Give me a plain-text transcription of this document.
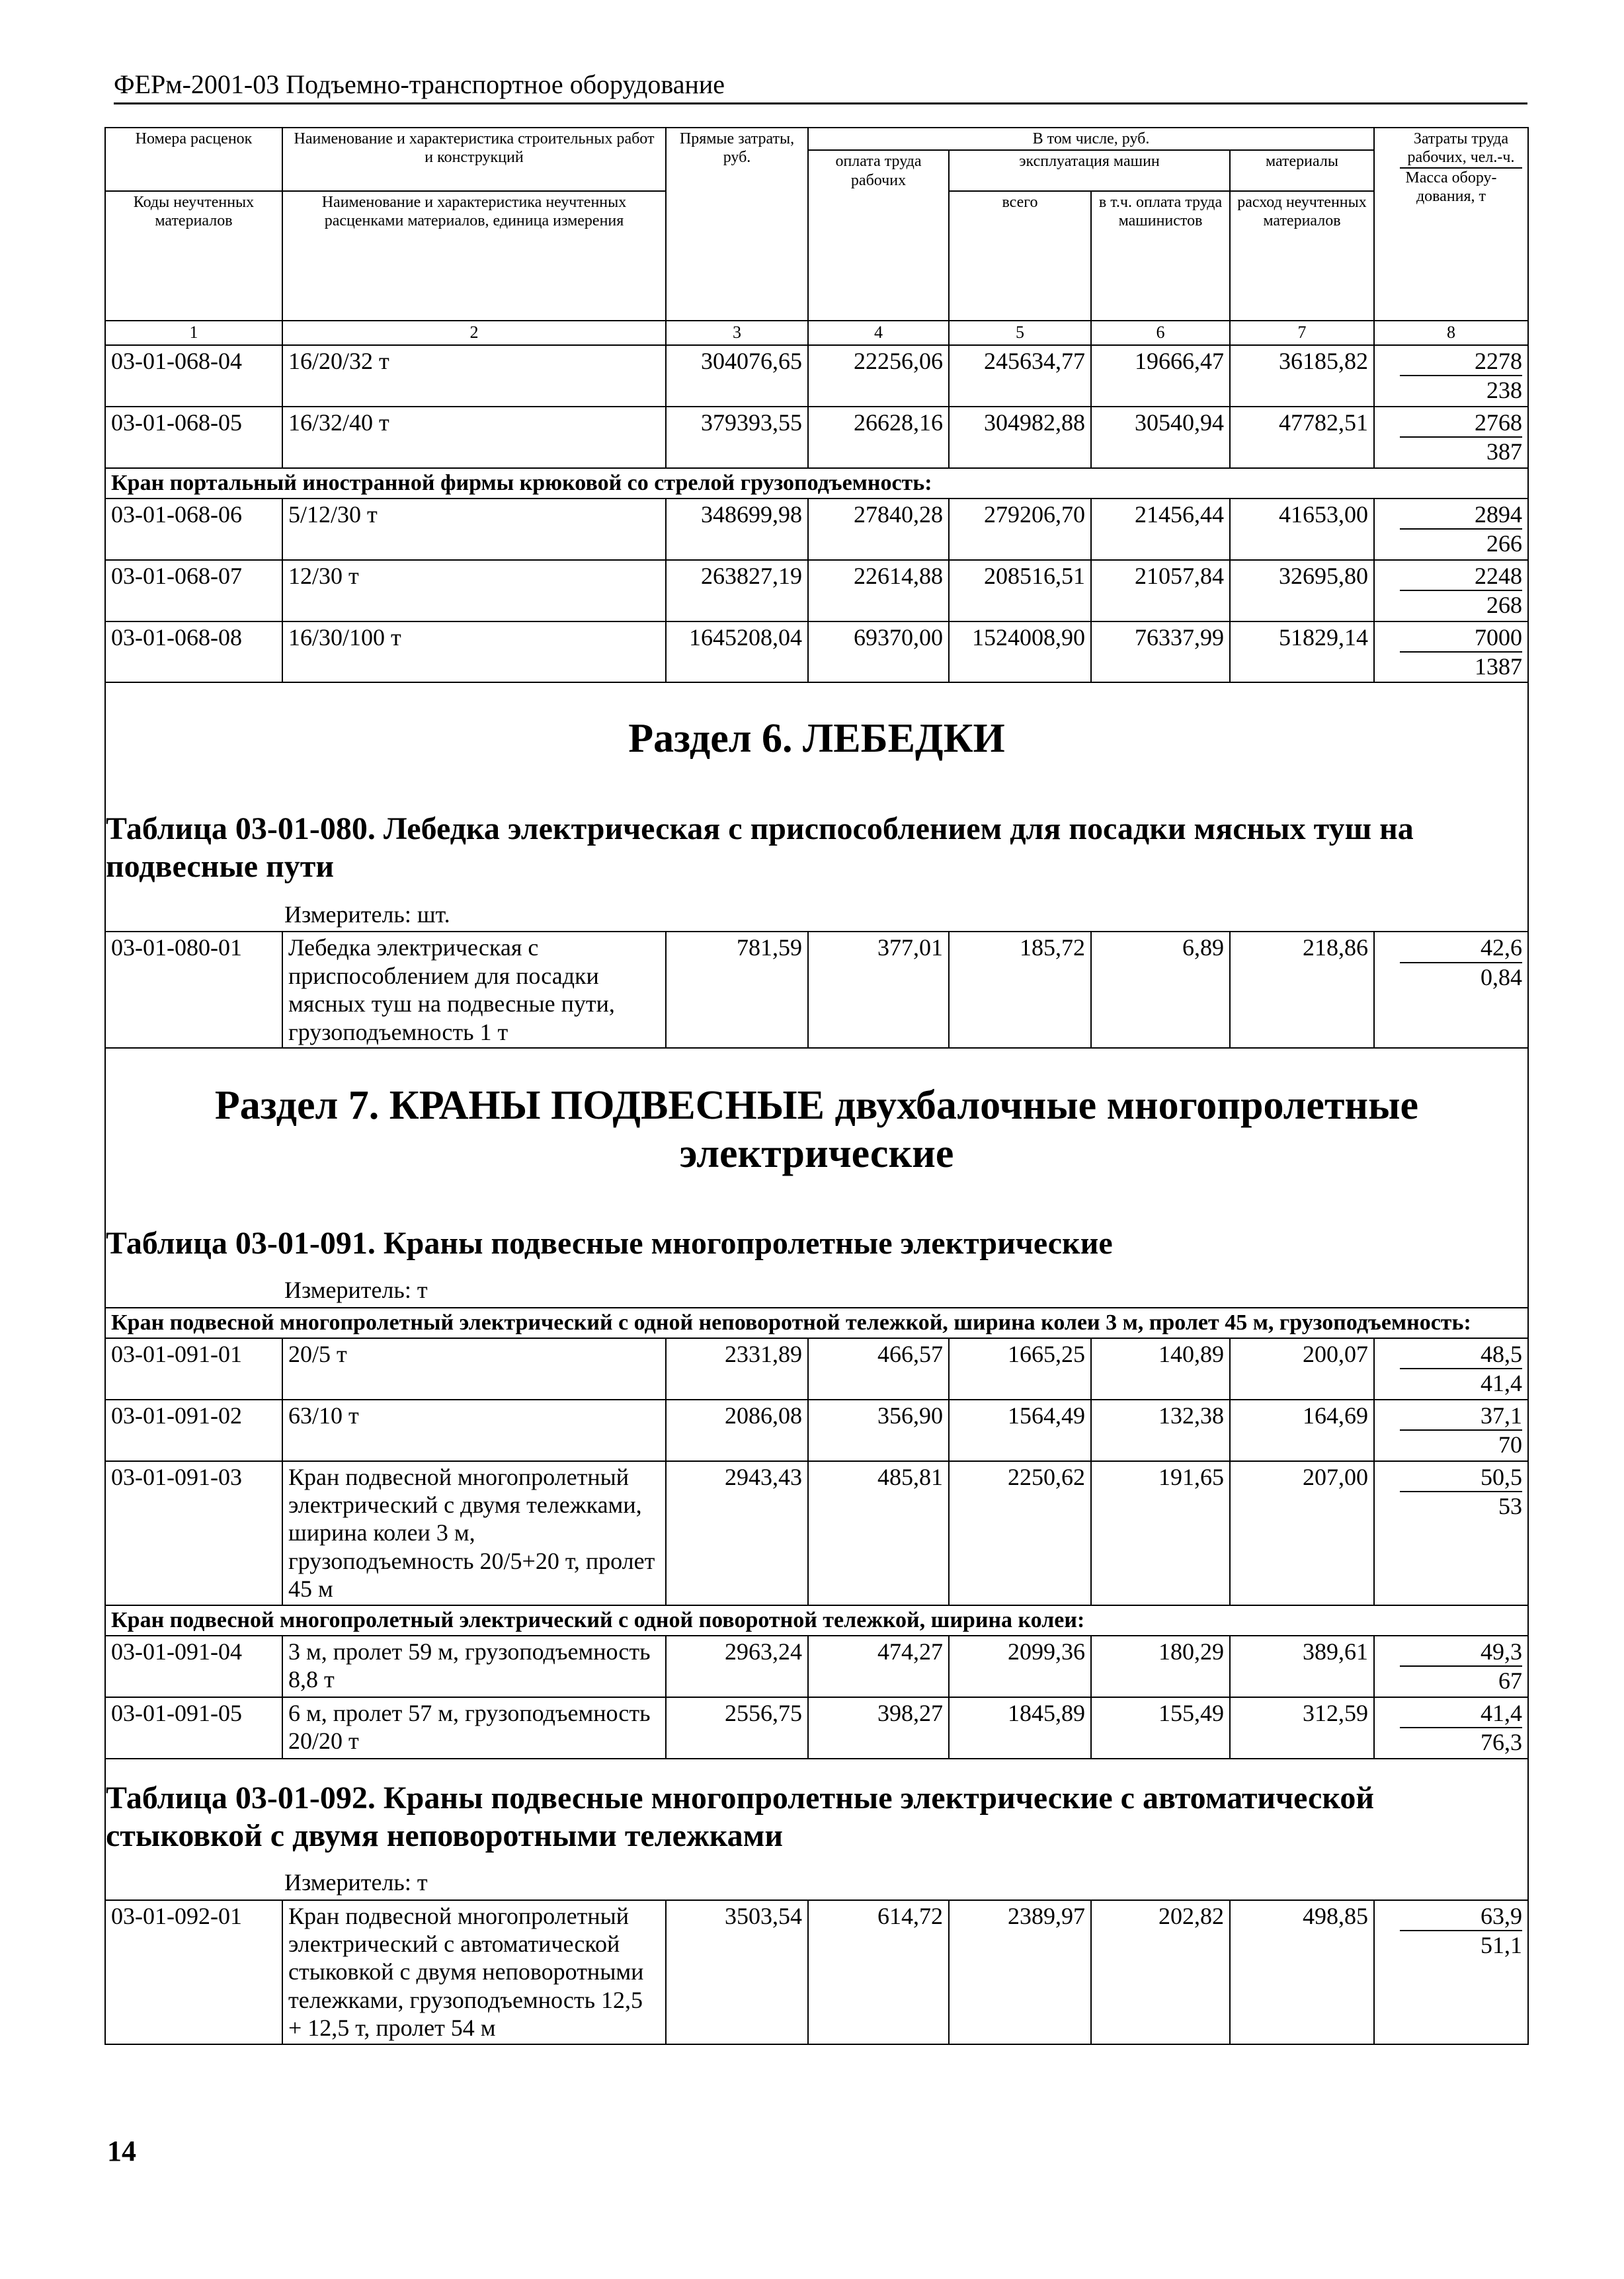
ФЕРм-2001-03 Подъемно-транспортное оборудование
Номера расценок	Наименование и характеристика строительных работ и конструкций	Прямые затраты, руб.	В том числе, руб.				Затраты труда рабочих, чел.-ч.
Масса обору-дования, т

			оплата труда рабочих	эксплуатация машин		материалы	
Коды неучтенных материалов	Наименование и характеристика неучтенных расценками материалов, единица измерения			всего	в т.ч. оплата труда машинистов	расход неучтенных материалов	

1	2	3	4	5	6	7	8
03-01-068-04	16/20/32 т	304076,65	22256,06	245634,77	19666,47	36185,82	2278
238

03-01-068-05	16/32/40 т	379393,55	26628,16	304982,88	30540,94	47782,51	2768
387

Кран портальный иностранной фирмы крюковой со стрелой грузоподъемность:							
03-01-068-06	5/12/30 т	348699,98	27840,28	279206,70	21456,44	41653,00	2894
266

03-01-068-07	12/30 т	263827,19	22614,88	208516,51	21057,84	32695,80	2248
268

03-01-068-08	16/30/100 т	1645208,04	69370,00	1524008,90	76337,99	51829,14	7000
1387

Раздел 6. ЛЕБЕДКИ
Таблица 03-01-080. Лебедка электрическая с приспособлением для посадки мясных туш на подвесные пути
Измеритель: шт.							

03-01-080-01	Лебедка электрическая с приспособлением для посадки мясных туш на подвесные пути, грузоподъемность 1 т	781,59	377,01	185,72	6,89	218,86	42,6
0,84

Раздел 7. КРАНЫ ПОДВЕСНЫЕ двухбалочные многопролетные электрические
Таблица 03-01-091. Краны подвесные многопролетные электрические
Измеритель: т							

Кран подвесной многопролетный электрический с одной неповоротной тележкой, ширина колеи 3 м, пролет 45 м, грузоподъемность:							
03-01-091-01	20/5 т	2331,89	466,57	1665,25	140,89	200,07	48,5
41,4

03-01-091-02	63/10 т	2086,08	356,90	1564,49	132,38	164,69	37,1
70

03-01-091-03	Кран подвесной многопролетный электрический с двумя тележками, ширина колеи 3 м, грузоподъемность 20/5+20 т, пролет 45 м	2943,43	485,81	2250,62	191,65	207,00	50,5
53

Кран подвесной многопролетный электрический с одной поворотной тележкой, ширина колеи:							
03-01-091-04	3 м, пролет 59 м, грузоподъемность 8,8 т	2963,24	474,27	2099,36	180,29	389,61	49,3
67

03-01-091-05	6 м, пролет 57 м, грузоподъемность 20/20 т	2556,75	398,27	1845,89	155,49	312,59	41,4
76,3

Таблица 03-01-092. Краны подвесные многопролетные электрические с автоматической стыковкой с двумя неповоротными тележками
Измеритель: т							

03-01-092-01	Кран подвесной многопролетный электрический с автоматической стыковкой с двумя неповоротными тележками, грузоподъемность 12,5 + 12,5 т, пролет 54 м	3503,54	614,72	2389,97	202,82	498,85	63,9
51,1
14
